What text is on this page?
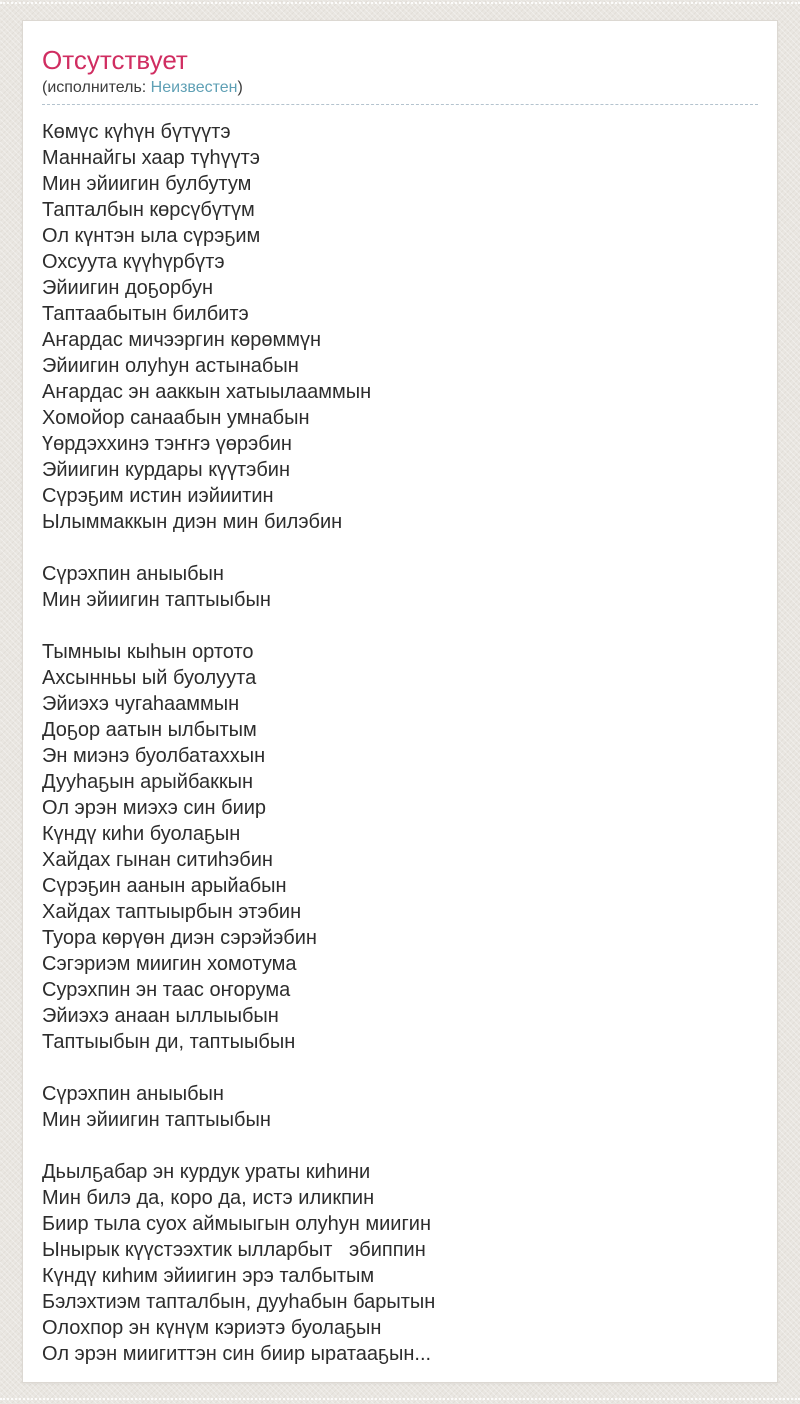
Отсутствует
(исполнитель: Неизвестен)
Көмүс күһүн бүтүүтэ
Маннайгы хаар түһүүтэ
Мин эйиигин булбутум
Тапталбын көрсүбүтүм
Ол күнтэн ыла сүрэҕим
Охсуута күүһүрбүтэ
Эйиигин доҕорбун
Таптаабытын билбитэ
Аҥардас мичээргин көрөммүн
Эйиигин олуһун астынабын
Аҥардас эн ааккын хатыылааммын
Хомойор санаабын умнабын
Үөрдэххинэ тэҥҥэ үөрэбин
Эйиигин курдары күүтэбин
Сүрэҕим истин иэйиитин
Ылыммаккын диэн мин билэбин
Сүрэхпин аныыбын
Мин эйиигин таптыыбын
Тымныы кыһын ортото
Ахсынньы ый буолуута
Эйиэхэ чугаһааммын
Доҕор аатын ылбытым
Эн миэнэ буолбатаххын
Дууһаҕын арыйбаккын
Ол эрэн миэхэ син биир
Күндү киһи буолаҕын
Хайдах гынан ситиһэбин
Сүрэҕин аанын арыйабын
Хайдах таптыырбын этэбин
Туора көрүөн диэн сэрэйэбин
Сэгэриэм миигин хомотума
Сурэхпин эн таас оҥорума
Эйиэхэ анаан ыллыыбын
Таптыыбын ди, таптыыбын
Сүрэхпин аныыбын
Мин эйиигин таптыыбын
Дьылҕабар эн курдук ураты киһини
Мин билэ да, коро да, истэ иликпин
Биир тыла суох аймыыгын олуһун миигин
Ынырык күүстээхтик ылларбыт   эбиппин
Күндү киһим эйиигин эрэ талбытым
Бэлэхтиэм тапталбын, дууһабын барытын
Олохпор эн күнүм кэриэтэ буолаҕын
Ол эрэн миигиттэн син биир ыратааҕын...
